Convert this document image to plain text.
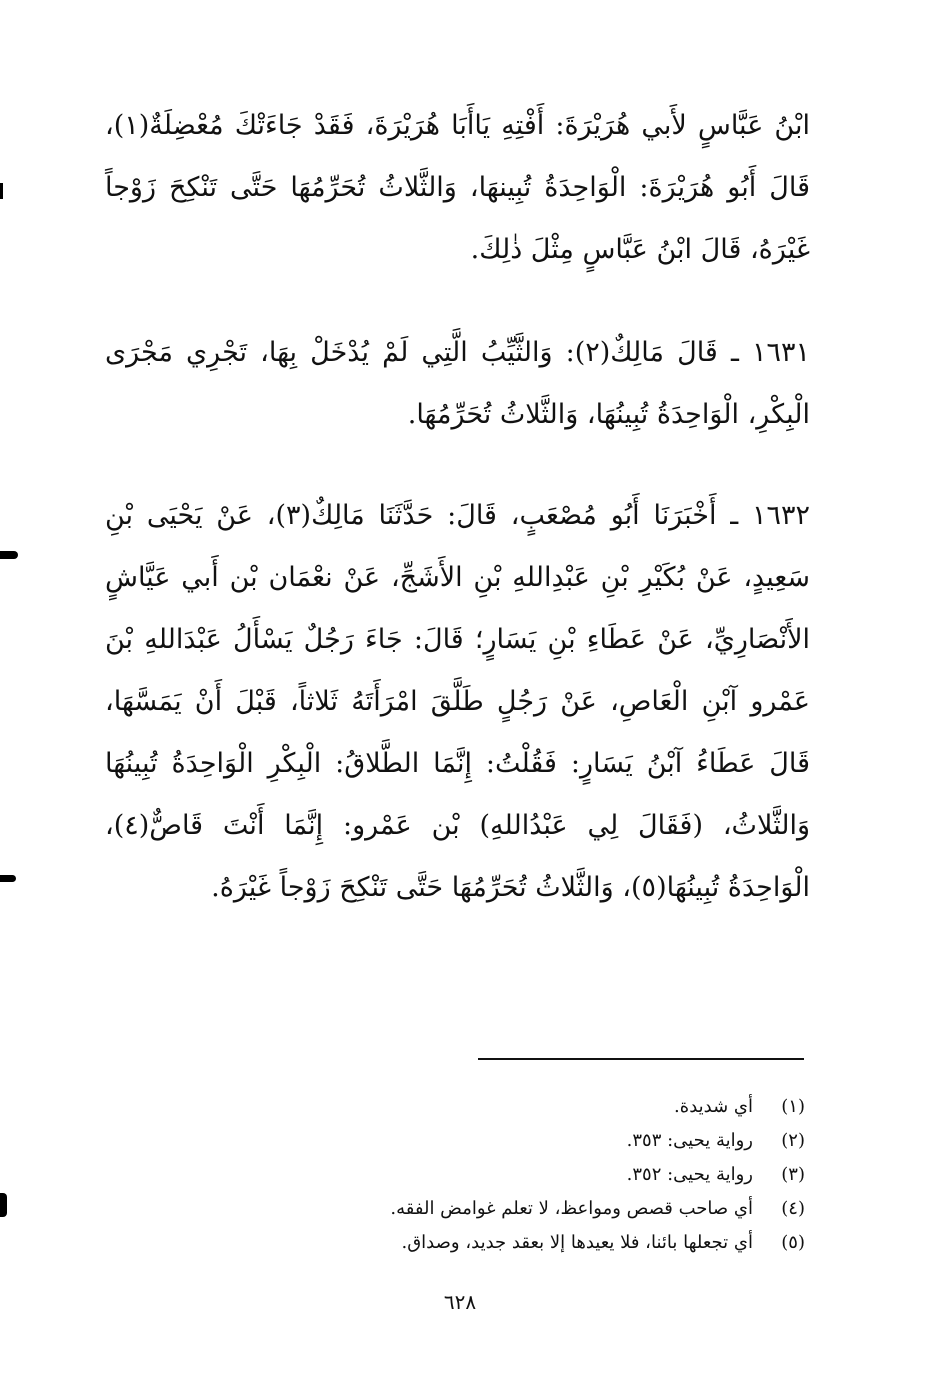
ابْنُ عَبَّاسٍ لأَبي هُرَيْرَةَ: أَفْتِهِ يَاأَبَا هُرَيْرَةَ، فَقَدْ جَاءَتْكَ مُعْضِلَةٌ(١)، قَالَ أَبُو هُرَيْرَةَ: الْوَاحِدَةُ تُبِينهَا، وَالثَّلاثُ تُحَرِّمُهَا حَتَّى تَنْكِحَ زَوْجاً غَيْرَهُ، قَالَ ابْنُ عَبَّاسٍ مِثْلَ ذٰلِكَ.

١٦٣١ ـ قَالَ مَالِكٌ(٢): وَالثَّيِّبُ الَّتِي لَمْ يُدْخَلْ بِهَا، تَجْرِي مَجْرَى الْبِكْرِ، الْوَاحِدَةُ تُبِينُهَا، وَالثَّلاثُ تُحَرِّمُهَا.

١٦٣٢ ـ أَخْبَرَنَا أَبُو مُصْعَبٍ، قَالَ: حَدَّثَنَا مَالِكٌ(٣)، عَنْ يَحْيَى بْنِ سَعِيدٍ، عَنْ بُكَيْرِ بْنِ عَبْدِاللهِ بْنِ الأَشَجِّ، عَنْ نعْمَان بْن أَبي عَيَّاشٍ الأَنْصَارِيِّ، عَنْ عَطَاءِ بْنِ يَسَارٍ؛ قَالَ: جَاءَ رَجُلٌ يَسْأَلُ عَبْدَاللهِ بْنَ عَمْرو آبْنِ الْعَاصِ، عَنْ رَجُلٍ طَلَّقَ امْرَأَتَهُ ثَلاثاً، قَبْلَ أَنْ يَمَسَّهَا، قَالَ عَطَاءُ آبْنُ يَسَارٍ: فَقُلْتُ: إِنَّمَا الطَّلاقُ: الْبِكْرِ الْوَاحِدَةُ تُبِينُهَا وَالثَّلاثُ، (فَقَالَ لِي عَبْدُاللهِ) بْن عَمْرو: إِنَّمَا أَنْتَ قَاصٌّ(٤)، الْوَاحِدَةُ تُبِينُهَا(٥)، وَالثَّلاثُ تُحَرِّمُهَا حَتَّى تَنْكِحَ زَوْجاً غَيْرَهُ.

(١)
أي شديدة.
(٢)
رواية يحيى: ٣٥٣.
(٣)
رواية يحيى: ٣٥٢.
(٤)
أي صاحب قصص ومواعظ، لا تعلم غوامض الفقه.
(٥)
أي تجعلها بائنا، فلا يعيدها إلا بعقد جديد، وصداق.
٦٢٨
